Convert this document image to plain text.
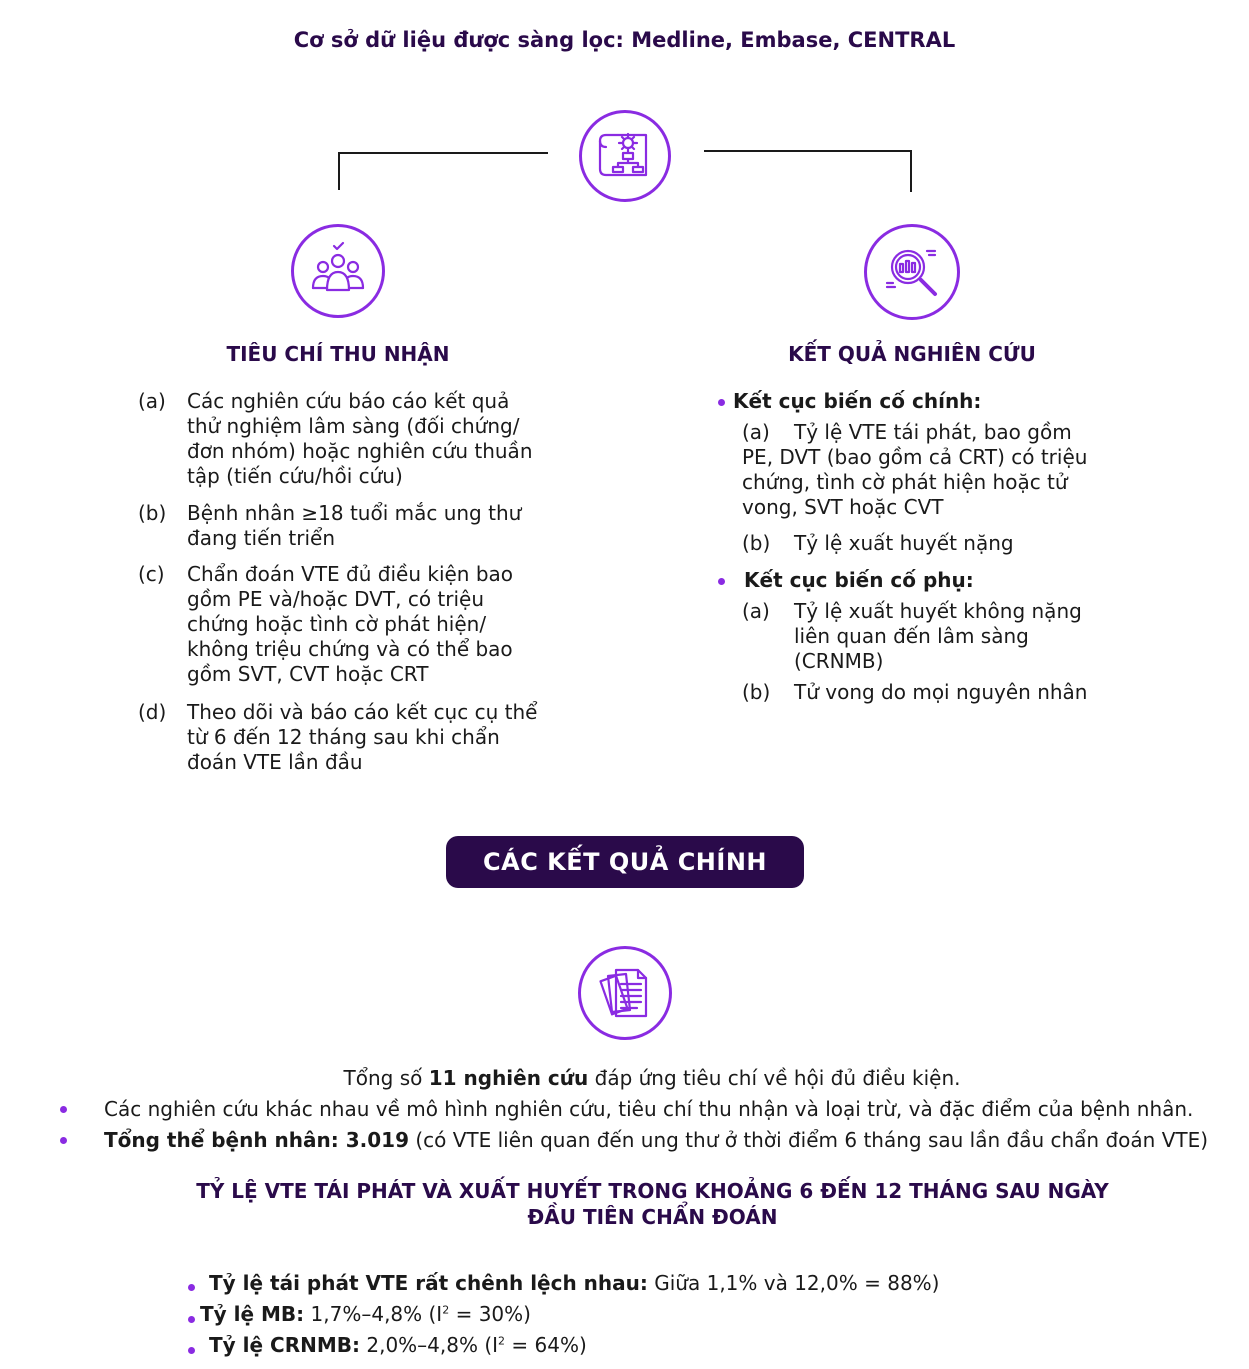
Cơ sở dữ liệu được sàng lọc: Medline, Embase, CENTRAL
TIÊU CHÍ THU NHẬN	KẾT QUẢ NGHIÊN CỨU
(a)	Các nghiên cứu báo cáo kết quả
thử nghiệm lâm sàng (đối chứng/
đơn nhóm) hoặc nghiên cứu thuần
tập (tiến cứu/hồi cứu)
(b)	Bệnh nhân ≥18 tuổi mắc ung thư
đang tiến triển
(c)	Chẩn đoán VTE đủ điều kiện bao
gồm PE và/hoặc DVT, có triệu
chứng hoặc tình cờ phát hiện/
không triệu chứng và có thể bao
gồm SVT, CVT hoặc CRT
(d)	Theo dõi và báo cáo kết cục cụ thể
từ 6 đến 12 tháng sau khi chẩn
đoán VTE lần đầu
Kết cục biến cố chính:
(a) Tỷ lệ VTE tái phát, bao gồm
PE, DVT (bao gồm cả CRT) có triệu
chứng, tình cờ phát hiện hoặc tử
vong, SVT hoặc CVT
(b) Tỷ lệ xuất huyết nặng
Kết cục biến cố phụ:
(a) Tỷ lệ xuất huyết không nặng
liên quan đến lâm sàng
(CRNMB)
(b) Tử vong do mọi nguyên nhân
CÁC KẾT QUẢ CHÍNH
Tổng số 11 nghiên cứu đáp ứng tiêu chí về hội đủ điều kiện.
Các nghiên cứu khác nhau về mô hình nghiên cứu, tiêu chí thu nhận và loại trừ, và đặc điểm của bệnh nhân.
Tổng thể bệnh nhân: 3.019 (có VTE liên quan đến ung thư ở thời điểm 6 tháng sau lần đầu chẩn đoán VTE)
TỶ LỆ VTE TÁI PHÁT VÀ XUẤT HUYẾT TRONG KHOẢNG 6 ĐẾN 12 THÁNG SAU NGÀY
ĐẦU TIÊN CHẨN ĐOÁN
Tỷ lệ tái phát VTE rất chênh lệch nhau: Giữa 1,1% và 12,0% = 88%)
Tỷ lệ MB: 1,7%–4,8% $(I^2 = 30\%)$
Tỷ lệ CRNMB: 2,0%–4,8% $(I^2 = 64\%)$
